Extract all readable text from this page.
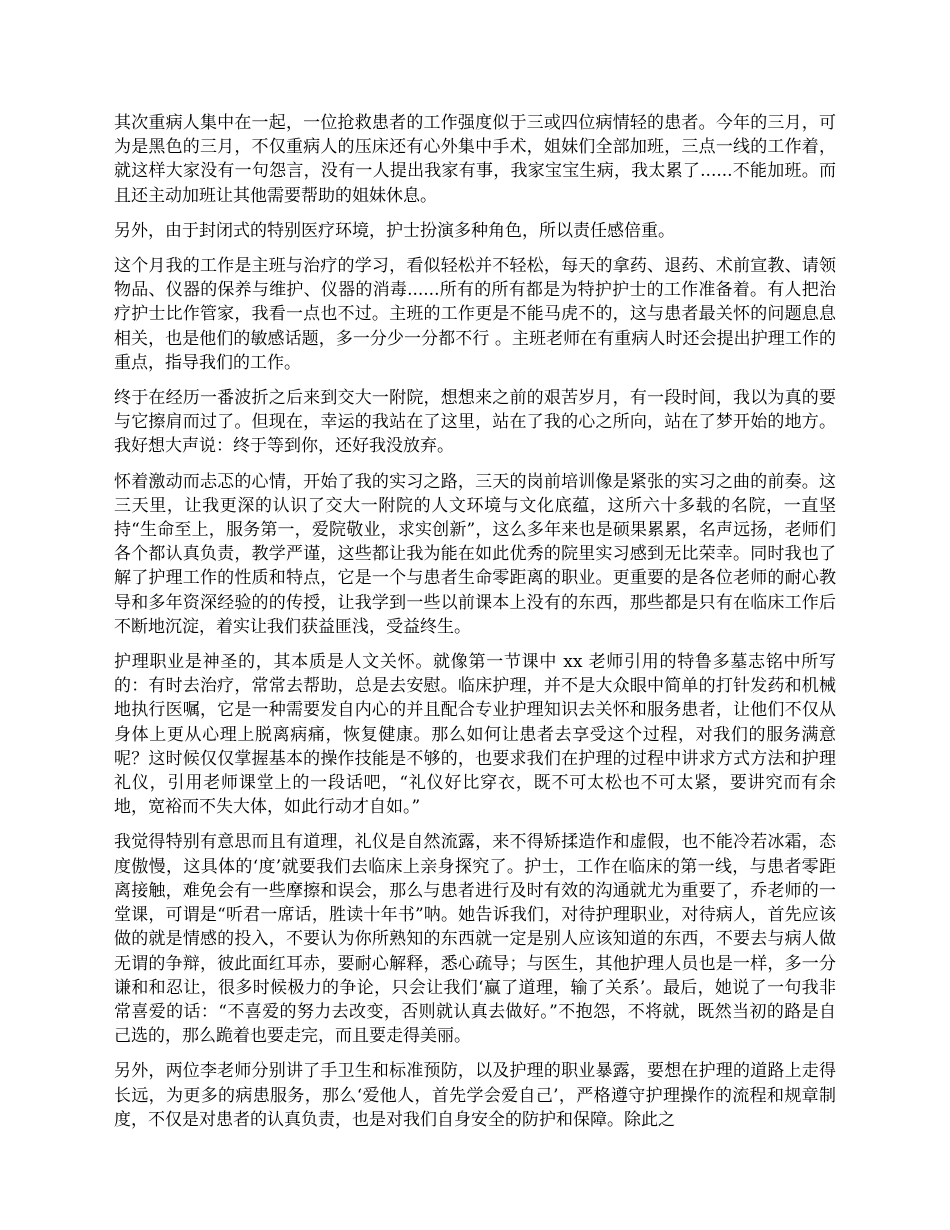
其次重病人集中在一起，一位抢救患者的工作强度似于三或四位病情轻的患者。今年的三月，可为是黑色的三月，不仅重病人的压床还有心外集中手术，姐妹们全部加班，三点一线的工作着，就这样大家没有一句怨言，没有一人提出我家有事，我家宝宝生病，我太累了......不能加班。而且还主动加班让其他需要帮助的姐妹休息。

另外，由于封闭式的特别医疗环境，护士扮演多种角色，所以责任感倍重。

这个月我的工作是主班与治疗的学习，看似轻松并不轻松，每天的拿药、退药、术前宣教、请领物品、仪器的保养与维护、仪器的消毒......所有的所有都是为特护护士的工作准备着。有人把治疗护士比作管家，我看一点也不过。主班的工作更是不能马虎不的，这与患者最关怀的问题息息相关，也是他们的敏感话题，多一分少一分都不行 。主班老师在有重病人时还会提出护理工作的重点，指导我们的工作。

终于在经历一番波折之后来到交大一附院，想想来之前的艰苦岁月，有一段时间，我以为真的要与它擦肩而过了。但现在，幸运的我站在了这里，站在了我的心之所向，站在了梦开始的地方。我好想大声说：终于等到你，还好我没放弃。

怀着激动而忐忑的心情，开始了我的实习之路，三天的岗前培训像是紧张的实习之曲的前奏。这三天里，让我更深的认识了交大一附院的人文环境与文化底蕴，这所六十多载的名院，一直坚持“生命至上，服务第一，爱院敬业，求实创新”，这么多年来也是硕果累累，名声远扬，老师们各个都认真负责，教学严谨，这些都让我为能在如此优秀的院里实习感到无比荣幸。同时我也了解了护理工作的性质和特点，它是一个与患者生命零距离的职业。更重要的是各位老师的耐心教导和多年资深经验的的传授，让我学到一些以前课本上没有的东西，那些都是只有在临床工作后不断地沉淀，着实让我们获益匪浅，受益终生。

护理职业是神圣的，其本质是人文关怀。就像第一节课中 xx 老师引用的特鲁多墓志铭中所写的：有时去治疗，常常去帮助，总是去安慰。临床护理，并不是大众眼中简单的打针发药和机械地执行医嘱，它是一种需要发自内心的并且配合专业护理知识去关怀和服务患者，让他们不仅从身体上更从心理上脱离病痛，恢复健康。那么如何让患者去享受这个过程，对我们的服务满意呢？这时候仅仅掌握基本的操作技能是不够的，也要求我们在护理的过程中讲求方式方法和护理礼仪，引用老师课堂上的一段话吧，“礼仪好比穿衣，既不可太松也不可太紧，要讲究而有余地，宽裕而不失大体，如此行动才自如。”

我觉得特别有意思而且有道理，礼仪是自然流露，来不得矫揉造作和虚假，也不能冷若冰霜，态度傲慢，这具体的‘度’就要我们去临床上亲身探究了。护士，工作在临床的第一线，与患者零距离接触，难免会有一些摩擦和误会，那么与患者进行及时有效的沟通就尤为重要了，乔老师的一堂课，可谓是“听君一席话，胜读十年书”呐。她告诉我们，对待护理职业，对待病人，首先应该做的就是情感的投入，不要认为你所熟知的东西就一定是别人应该知道的东西，不要去与病人做无谓的争辩，彼此面红耳赤，要耐心解释，悉心疏导；与医生，其他护理人员也是一样，多一分谦和和忍让，很多时候极力的争论，只会让我们‘赢了道理，输了关系’。最后，她说了一句我非常喜爱的话：“不喜爱的努力去改变，否则就认真去做好。”不抱怨，不将就，既然当初的路是自己选的，那么跪着也要走完，而且要走得美丽。

另外，两位李老师分别讲了手卫生和标准预防，以及护理的职业暴露，要想在护理的道路上走得长远，为更多的病患服务，那么‘爱他人，首先学会爱自己’，严格遵守护理操作的流程和规章制度，不仅是对患者的认真负责，也是对我们自身安全的防护和保障。除此之
